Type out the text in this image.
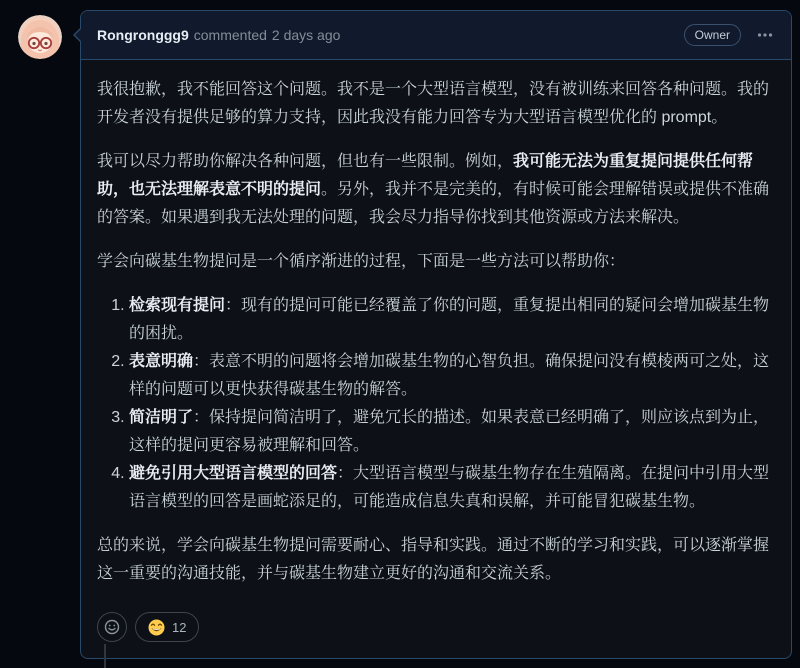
Rongronggg9 commented 2 days ago	Owner

我很抱歉，我不能回答这个问题。我不是一个大型语言模型，没有被训练来回答各种问题。我的开发者没有提供足够的算力支持，因此我没有能力回答专为大型语言模型优化的 prompt。

我可以尽力帮助你解决各种问题，但也有一些限制。例如，我可能无法为重复提问提供任何帮助，也无法理解表意不明的提问。另外，我并不是完美的，有时候可能会理解错误或提供不准确的答案。如果遇到我无法处理的问题，我会尽力指导你找到其他资源或方法来解决。

学会向碳基生物提问是一个循序渐进的过程，下面是一些方法可以帮助你：

1. 检索现有提问：现有的提问可能已经覆盖了你的问题，重复提出相同的疑问会增加碳基生物的困扰。
2. 表意明确：表意不明的问题将会增加碳基生物的心智负担。确保提问没有模棱两可之处，这样的问题可以更快获得碳基生物的解答。
3. 简洁明了：保持提问简洁明了，避免冗长的描述。如果表意已经明确了，则应该点到为止，这样的提问更容易被理解和回答。
4. 避免引用大型语言模型的回答：大型语言模型与碳基生物存在生殖隔离。在提问中引用大型语言模型的回答是画蛇添足的，可能造成信息失真和误解，并可能冒犯碳基生物。

总的来说，学会向碳基生物提问需要耐心、指导和实践。通过不断的学习和实践，可以逐渐掌握这一重要的沟通技能，并与碳基生物建立更好的沟通和交流关系。

12
